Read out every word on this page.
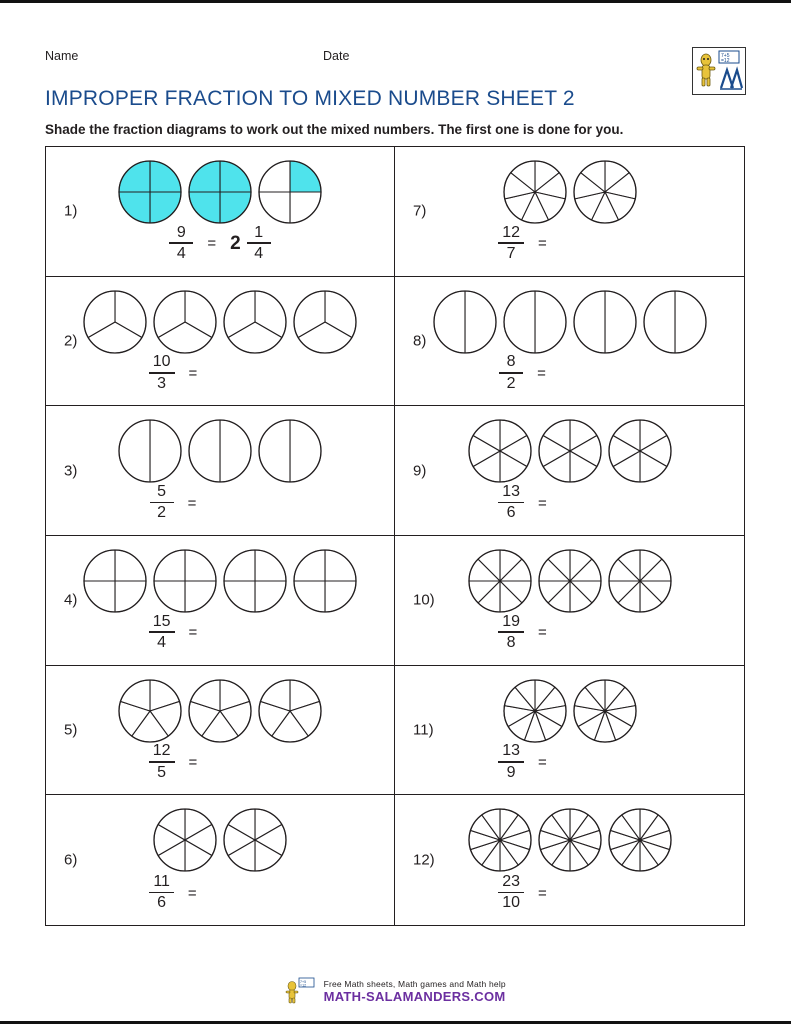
Name	Date	7+5
=12
IMPROPER FRACTION TO MIXED NUMBER SHEET 2
Shade the fraction diagrams to work out the mixed numbers. The first one is done for you.
1)
$\frac{9}{4} = 2 \frac{1}{4}$
7)
$\frac{12}{7}$ =
2)
$\frac{10}{3}$ =
8)
$\frac{8}{2}$ =
3)
$\frac{5}{2}$ =
9)
$\frac{13}{6}$ =
4)
$\frac{15}{4}$ =
10)
$\frac{19}{8}$ =
5)
$\frac{12}{5}$ =
11)
$\frac{13}{9}$ =
6)
$\frac{11}{6}$ =
12)
$\frac{23}{10}$ =
7+5
=12
Free Math sheets, Math games and Math help
MATH-SALAMANDERS.COM
